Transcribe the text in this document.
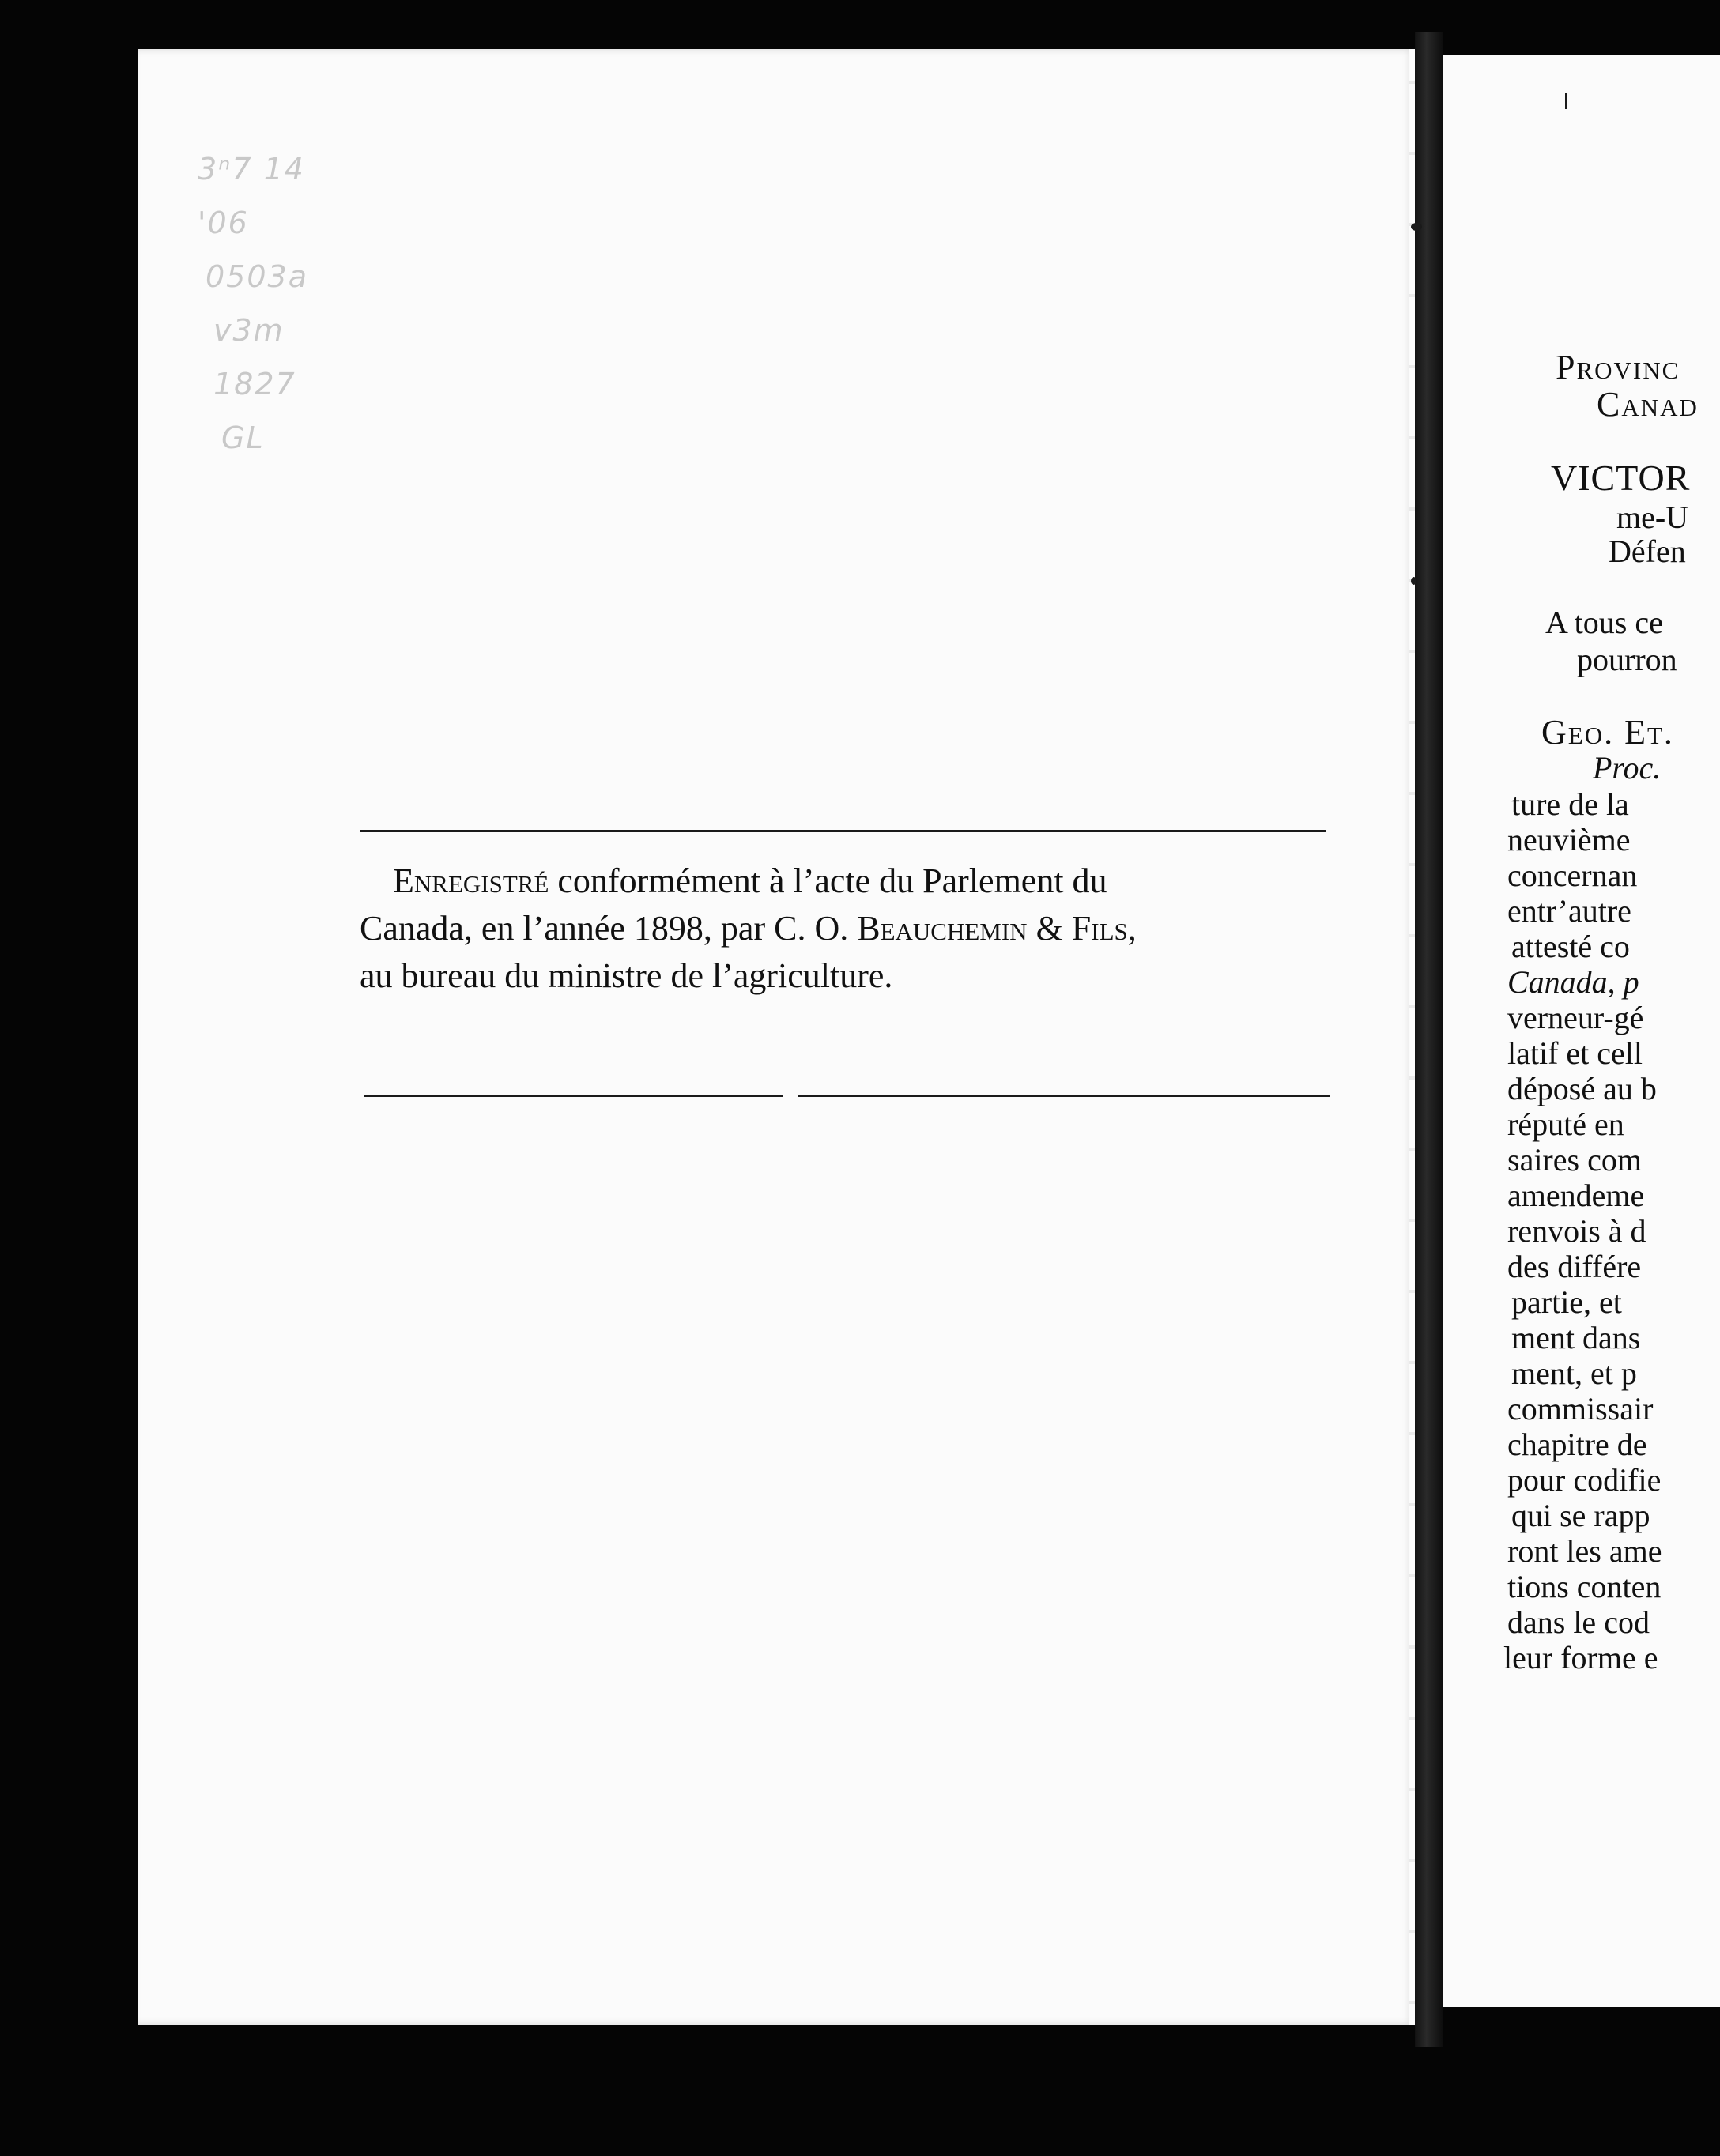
3ⁿ7 14
'06
0503a
v3m
1827
GL
Enregistré conformément à l’acte du Parlement du
Canada, en l’année 1898, par C. O. Beauchemin & Fils,
au bureau du ministre de l’agriculture.
Provinc
Canad
VICTOR
me-U
Défen
A tous ce
pourron
Geo. Et.
Proc.
ture de la
neuvième
concernan
entr’autre
attesté co
Canada, p
verneur-gé
latif et cell
déposé au b
réputé en
saires com
amendeme
renvois à d
des différe
partie, et
ment dans
ment, et p
commissair
chapitre de
pour codifie
qui se rapp
ront les ame
tions conten
dans le cod
leur forme e
